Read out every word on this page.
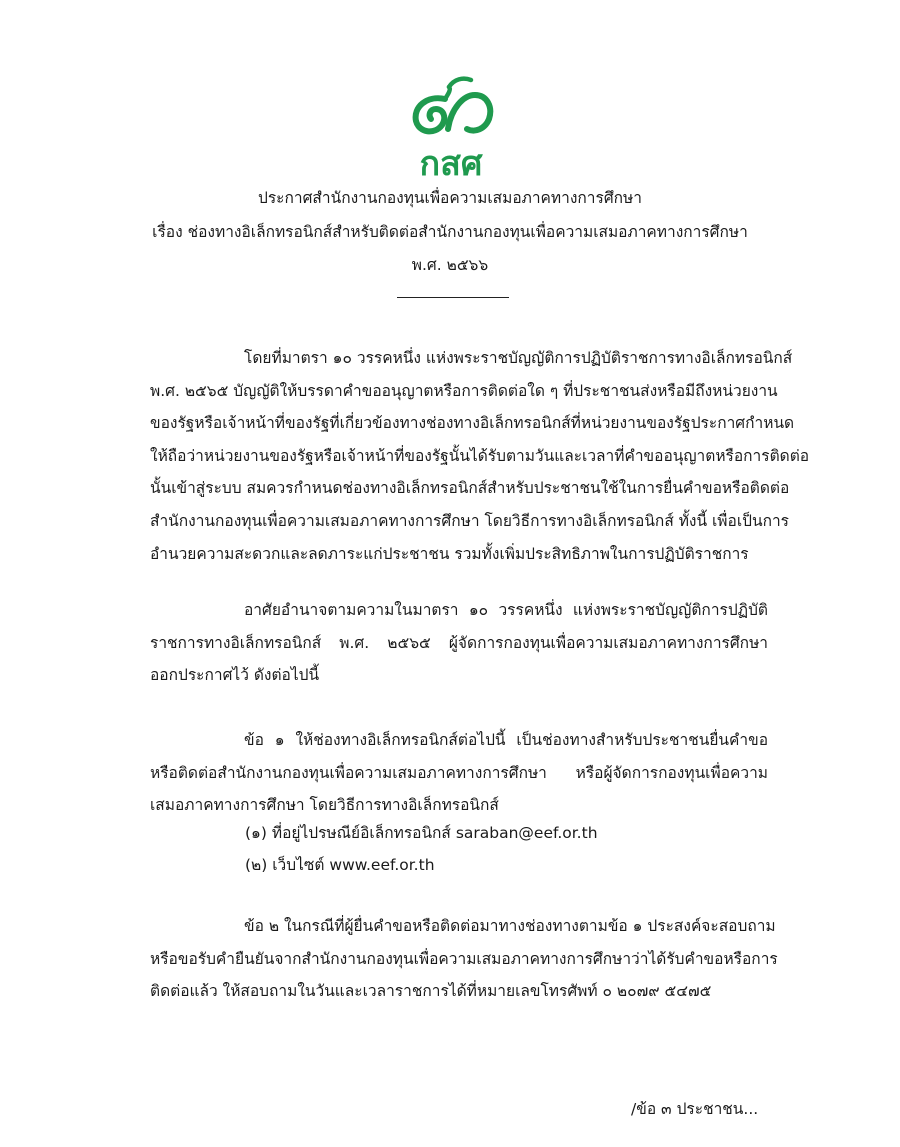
กสศ
ประกาศสำนักงานกองทุนเพื่อความเสมอภาคทางการศึกษา
เรื่อง ช่องทางอิเล็กทรอนิกส์สำหรับติดต่อสำนักงานกองทุนเพื่อความเสมอภาคทางการศึกษา
พ.ศ. ๒๕๖๖
โดยที่มาตรา ๑๐ วรรคหนึ่ง แห่งพระราชบัญญัติการปฏิบัติราชการทางอิเล็กทรอนิกส์
พ.ศ. ๒๕๖๕ บัญญัติให้บรรดาคำขออนุญาตหรือการติดต่อใด ๆ ที่ประชาชนส่งหรือมีถึงหน่วยงาน
ของรัฐหรือเจ้าหน้าที่ของรัฐที่เกี่ยวข้องทางช่องทางอิเล็กทรอนิกส์ที่หน่วยงานของรัฐประกาศกำหนด
ให้ถือว่าหน่วยงานของรัฐหรือเจ้าหน้าที่ของรัฐนั้นได้รับตามวันและเวลาที่คำขออนุญาตหรือการติดต่อ
นั้นเข้าสู่ระบบ สมควรกำหนดช่องทางอิเล็กทรอนิกส์สำหรับประชาชนใช้ในการยื่นคำขอหรือติดต่อ
สำนักงานกองทุนเพื่อความเสมอภาคทางการศึกษา โดยวิธีการทางอิเล็กทรอนิกส์ ทั้งนี้ เพื่อเป็นการ
อำนวยความสะดวกและลดภาระแก่ประชาชน รวมทั้งเพิ่มประสิทธิภาพในการปฏิบัติราชการ
อาศัยอำนาจตามความในมาตรา ๑๐ วรรคหนึ่ง แห่งพระราชบัญญัติการปฏิบัติ
ราชการทางอิเล็กทรอนิกส์ พ.ศ. ๒๕๖๕ ผู้จัดการกองทุนเพื่อความเสมอภาคทางการศึกษา
ออกประกาศไว้ ดังต่อไปนี้
ข้อ ๑ ให้ช่องทางอิเล็กทรอนิกส์ต่อไปนี้ เป็นช่องทางสำหรับประชาชนยื่นคำขอ
หรือติดต่อสำนักงานกองทุนเพื่อความเสมอภาคทางการศึกษา หรือผู้จัดการกองทุนเพื่อความ
เสมอภาคทางการศึกษา โดยวิธีการทางอิเล็กทรอนิกส์
(๑) ที่อยู่ไปรษณีย์อิเล็กทรอนิกส์ saraban@eef.or.th
(๒) เว็บไซต์ www.eef.or.th
ข้อ ๒ ในกรณีที่ผู้ยื่นคำขอหรือติดต่อมาทางช่องทางตามข้อ ๑ ประสงค์จะสอบถาม
หรือขอรับคำยืนยันจากสำนักงานกองทุนเพื่อความเสมอภาคทางการศึกษาว่าได้รับคำขอหรือการ
ติดต่อแล้ว ให้สอบถามในวันและเวลาราชการได้ที่หมายเลขโทรศัพท์ ๐ ๒๐๗๙ ๕๔๗๕
/ข้อ ๓ ประชาชน...
